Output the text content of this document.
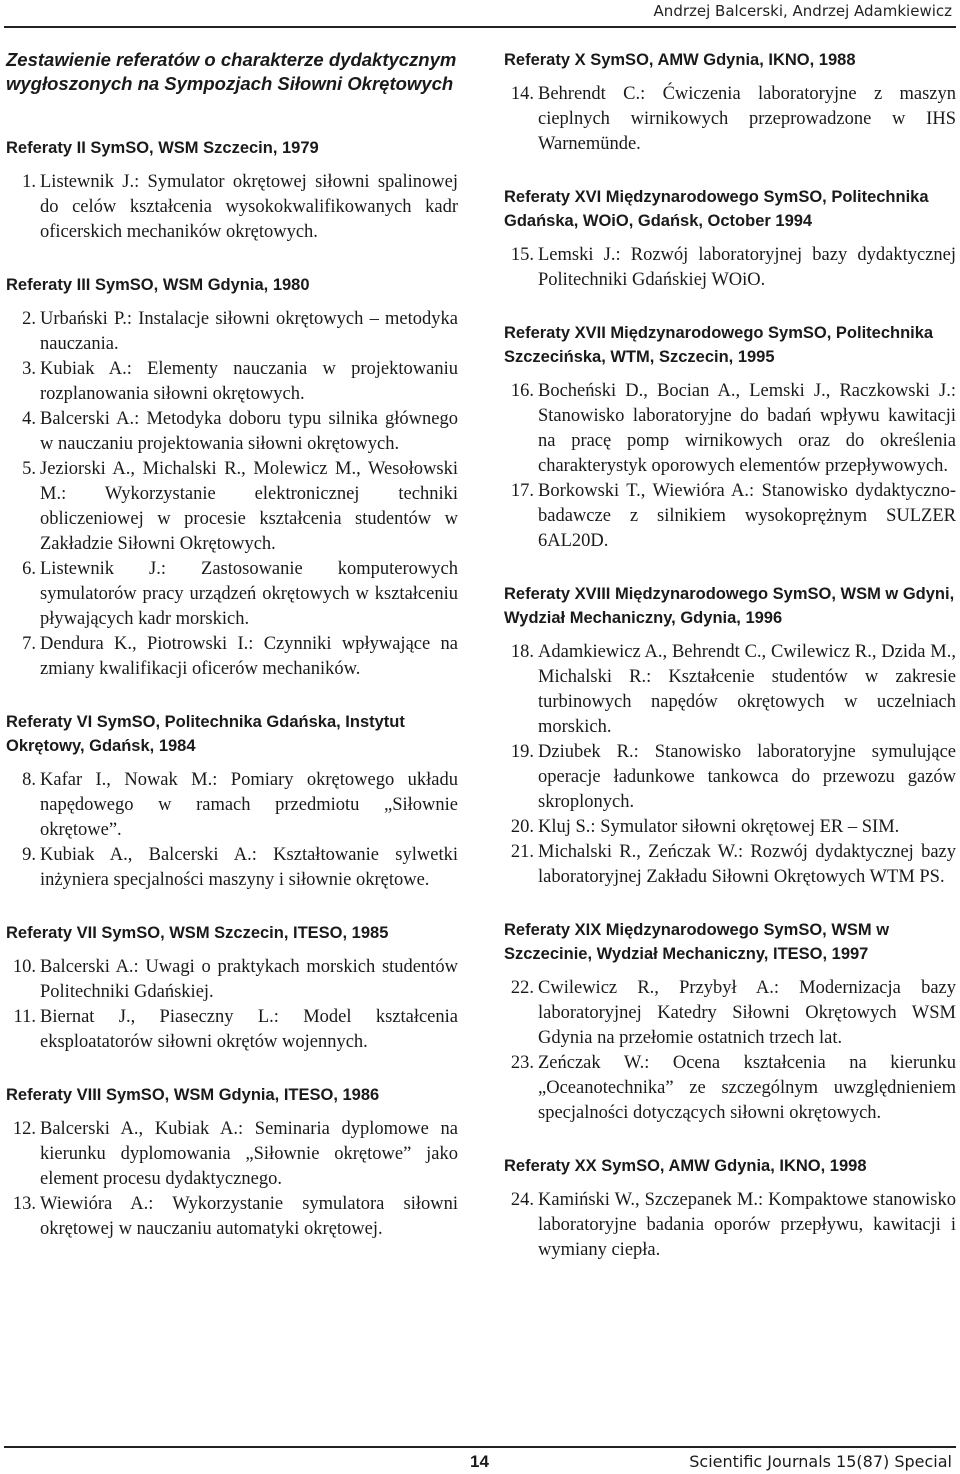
Andrzej Balcerski, Andrzej Adamkiewicz
Zestawienie referatów o charakterze dydaktycznym wygłoszonych na Sympozjach Siłowni Okrętowych
Referaty II SymSO, WSM Szczecin, 1979
1. Listewnik J.: Symulator okrętowej siłowni spalinowej do celów kształcenia wysokokwalifikowanych kadr oficerskich mechaników okrętowych.
Referaty III SymSO, WSM Gdynia, 1980
2. Urbański P.: Instalacje siłowni okrętowych – metodyka nauczania.
3. Kubiak A.: Elementy nauczania w projektowaniu rozplanowania siłowni okrętowych.
4. Balcerski A.: Metodyka doboru typu silnika głównego w nauczaniu projektowania siłowni okrętowych.
5. Jeziorski A., Michalski R., Molewicz M., Wesołowski M.: Wykorzystanie elektronicznej techniki obliczeniowej w procesie kształcenia studentów w Zakładzie Siłowni Okrętowych.
6. Listewnik J.: Zastosowanie komputerowych symulatorów pracy urządzeń okrętowych w kształceniu pływających kadr morskich.
7. Dendura K., Piotrowski I.: Czynniki wpływające na zmiany kwalifikacji oficerów mechaników.
Referaty VI SymSO, Politechnika Gdańska, Instytut Okrętowy, Gdańsk, 1984
8. Kafar I., Nowak M.: Pomiary okrętowego układu napędowego w ramach przedmiotu „Siłownie okrętowe”.
9. Kubiak A., Balcerski A.: Kształtowanie sylwetki inżyniera specjalności maszyny i siłownie okrętowe.
Referaty VII SymSO, WSM Szczecin, ITESO, 1985
10. Balcerski A.: Uwagi o praktykach morskich studentów Politechniki Gdańskiej.
11. Biernat J., Piaseczny L.: Model kształcenia eksploatatorów siłowni okrętów wojennych.
Referaty VIII SymSO, WSM Gdynia, ITESO, 1986
12. Balcerski A., Kubiak A.: Seminaria dyplomowe na kierunku dyplomowania „Siłownie okrętowe” jako element procesu dydaktycznego.
13. Wiewióra A.: Wykorzystanie symulatora siłowni okrętowej w nauczaniu automatyki okrętowej.
Referaty X SymSO, AMW Gdynia, IKNO, 1988
14. Behrendt C.: Ćwiczenia laboratoryjne z maszyn cieplnych wirnikowych przeprowadzone w IHS Warnemünde.
Referaty XVI Międzynarodowego SymSO, Politechnika Gdańska, WOiO, Gdańsk, October 1994
15. Lemski J.: Rozwój laboratoryjnej bazy dydaktycznej Politechniki Gdańskiej WOiO.
Referaty XVII Międzynarodowego SymSO, Politechnika Szczecińska, WTM, Szczecin, 1995
16. Bocheński D., Bocian A., Lemski J., Raczkowski J.: Stanowisko laboratoryjne do badań wpływu kawitacji na pracę pomp wirnikowych oraz do określenia charakterystyk oporowych elementów przepływowych.
17. Borkowski T., Wiewióra A.: Stanowisko dydaktyczno-badawcze z silnikiem wysokoprężnym SULZER 6AL20D.
Referaty XVIII Międzynarodowego SymSO, WSM w Gdyni, Wydział Mechaniczny, Gdynia, 1996
18. Adamkiewicz A., Behrendt C., Cwilewicz R., Dzida M., Michalski R.: Kształcenie studentów w zakresie turbinowych napędów okrętowych w uczelniach morskich.
19. Dziubek R.: Stanowisko laboratoryjne symulujące operacje ładunkowe tankowca do przewozu gazów skroplonych.
20. Kluj S.: Symulator siłowni okrętowej ER – SIM.
21. Michalski R., Zeńczak W.: Rozwój dydaktycznej bazy laboratoryjnej Zakładu Siłowni Okrętowych WTM PS.
Referaty XIX Międzynarodowego SymSO, WSM w Szczecinie, Wydział Mechaniczny, ITESO, 1997
22. Cwilewicz R., Przybył A.: Modernizacja bazy laboratoryjnej Katedry Siłowni Okrętowych WSM Gdynia na przełomie ostatnich trzech lat.
23. Zeńczak W.: Ocena kształcenia na kierunku „Oceanotechnika” ze szczególnym uwzględnieniem specjalności dotyczących siłowni okrętowych.
Referaty XX SymSO, AMW Gdynia, IKNO, 1998
24. Kamiński W., Szczepanek M.: Kompaktowe stanowisko laboratoryjne badania oporów przepływu, kawitacji i wymiany ciepła.
14	Scientific Journals 15(87) Special
